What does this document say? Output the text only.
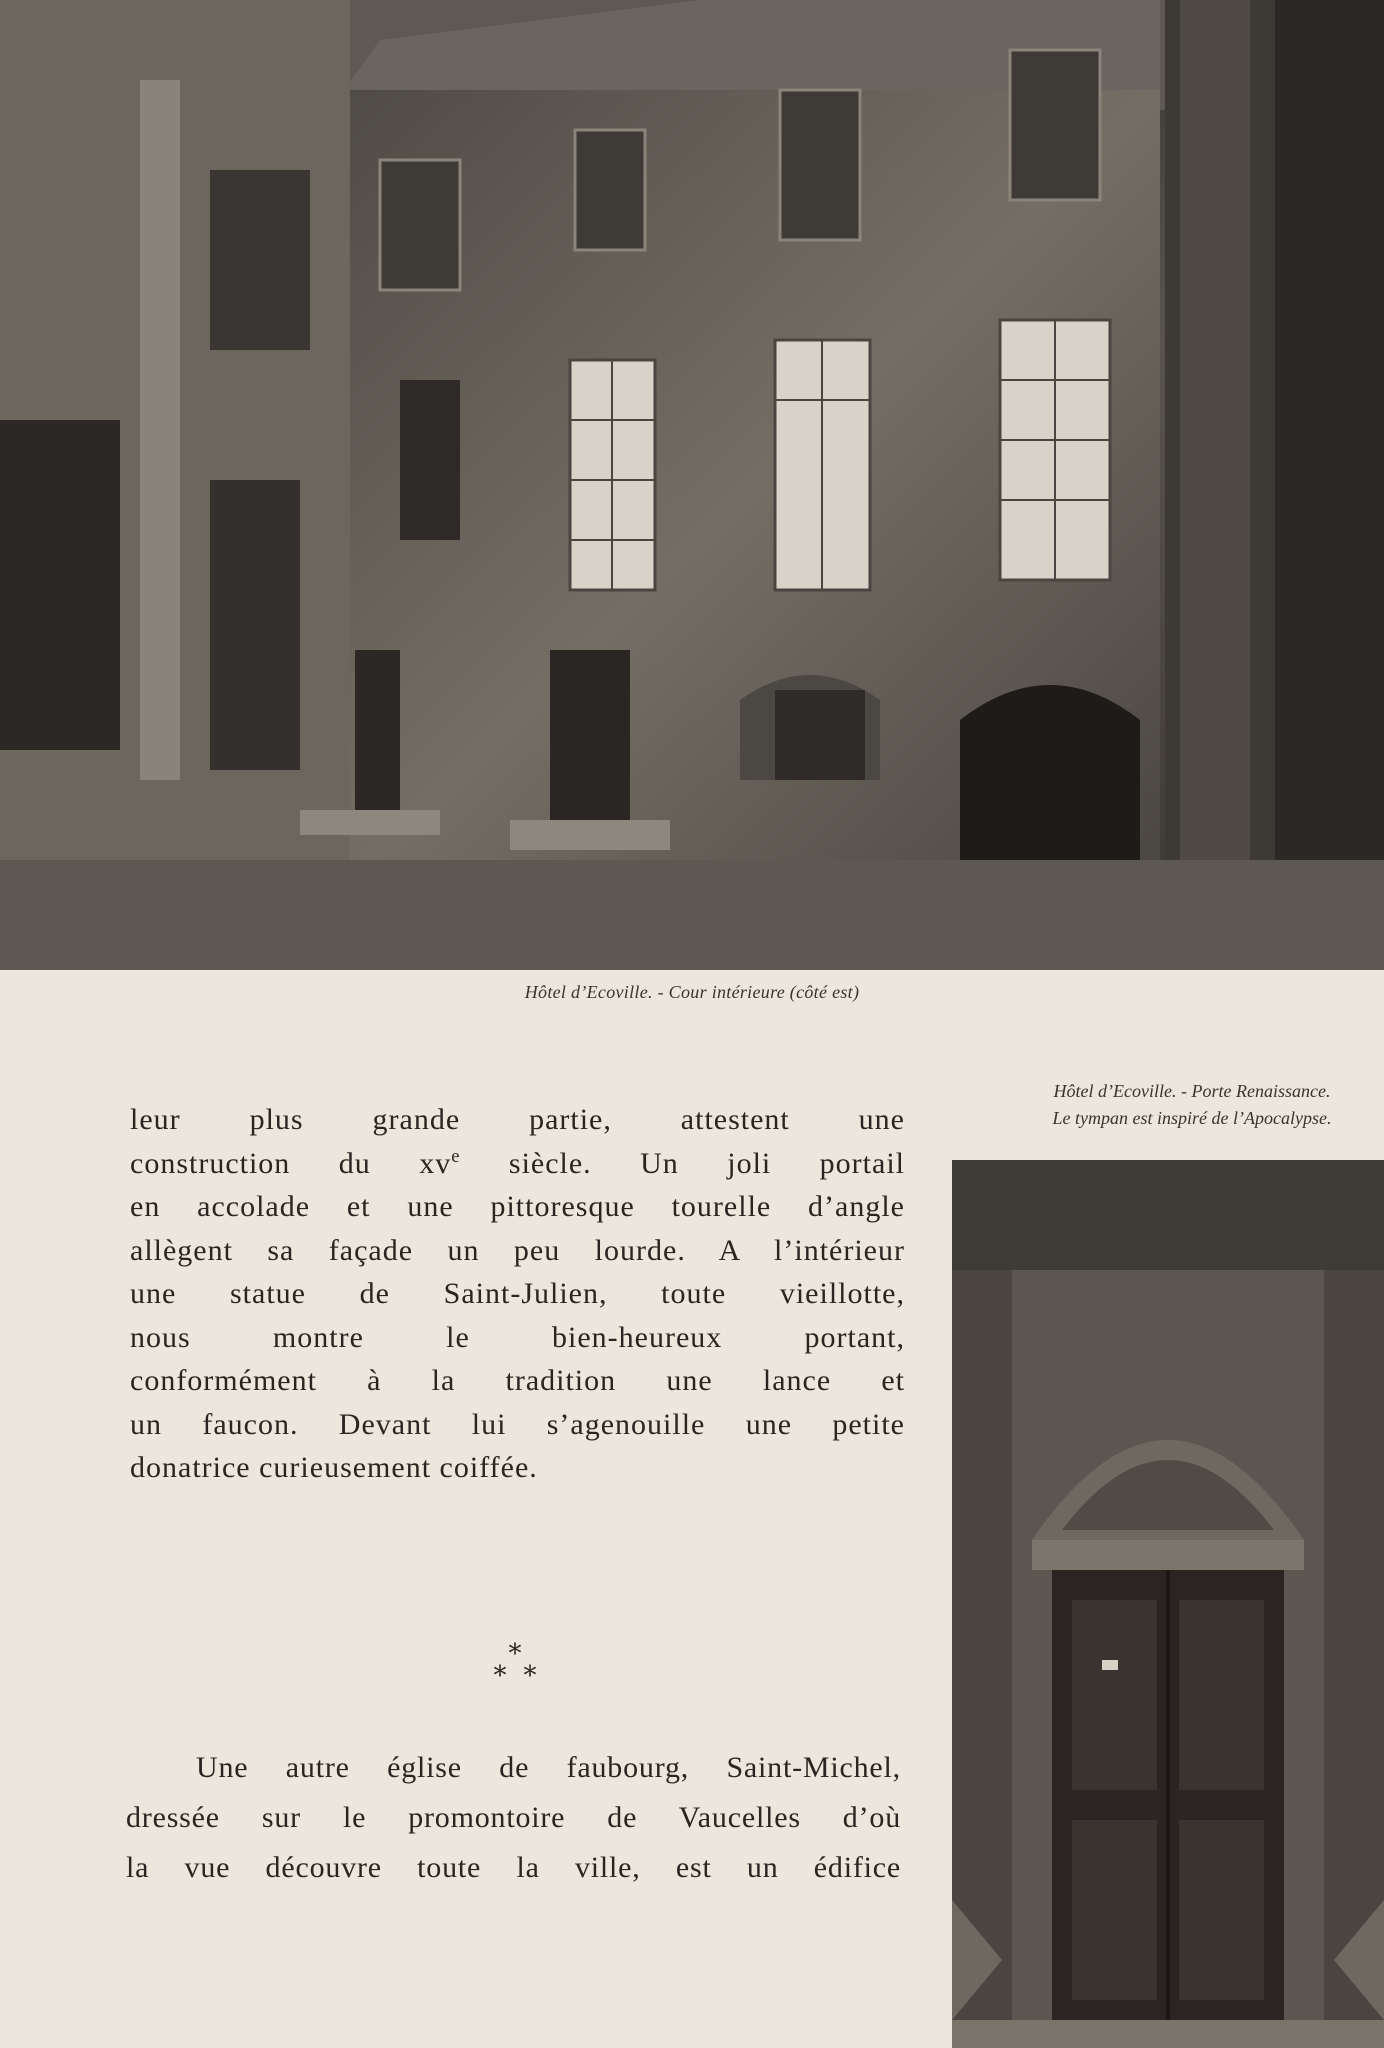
Hôtel d’Ecoville. - Cour intérieure (côté est)
Hôtel d’Ecoville. - Porte Renaissance.
Le tympan est inspiré de l’Apocalypse.
leur plus grande partie, attestent une
construction du $xv^e$ siècle. Un joli portail
en accolade et une pittoresque tourelle d’angle
allègent sa façade un peu lourde. A l’intérieur
une statue de Saint-Julien, toute vieillotte,
nous montre le bien-heureux portant,
conformément à la tradition une lance et
un faucon. Devant lui s’agenouille une petite
donatrice curieusement coiffée.
*
* *
Une autre église de faubourg, Saint-Michel,
dressée sur le promontoire de Vaucelles d’où
la vue découvre toute la ville, est un édifice
